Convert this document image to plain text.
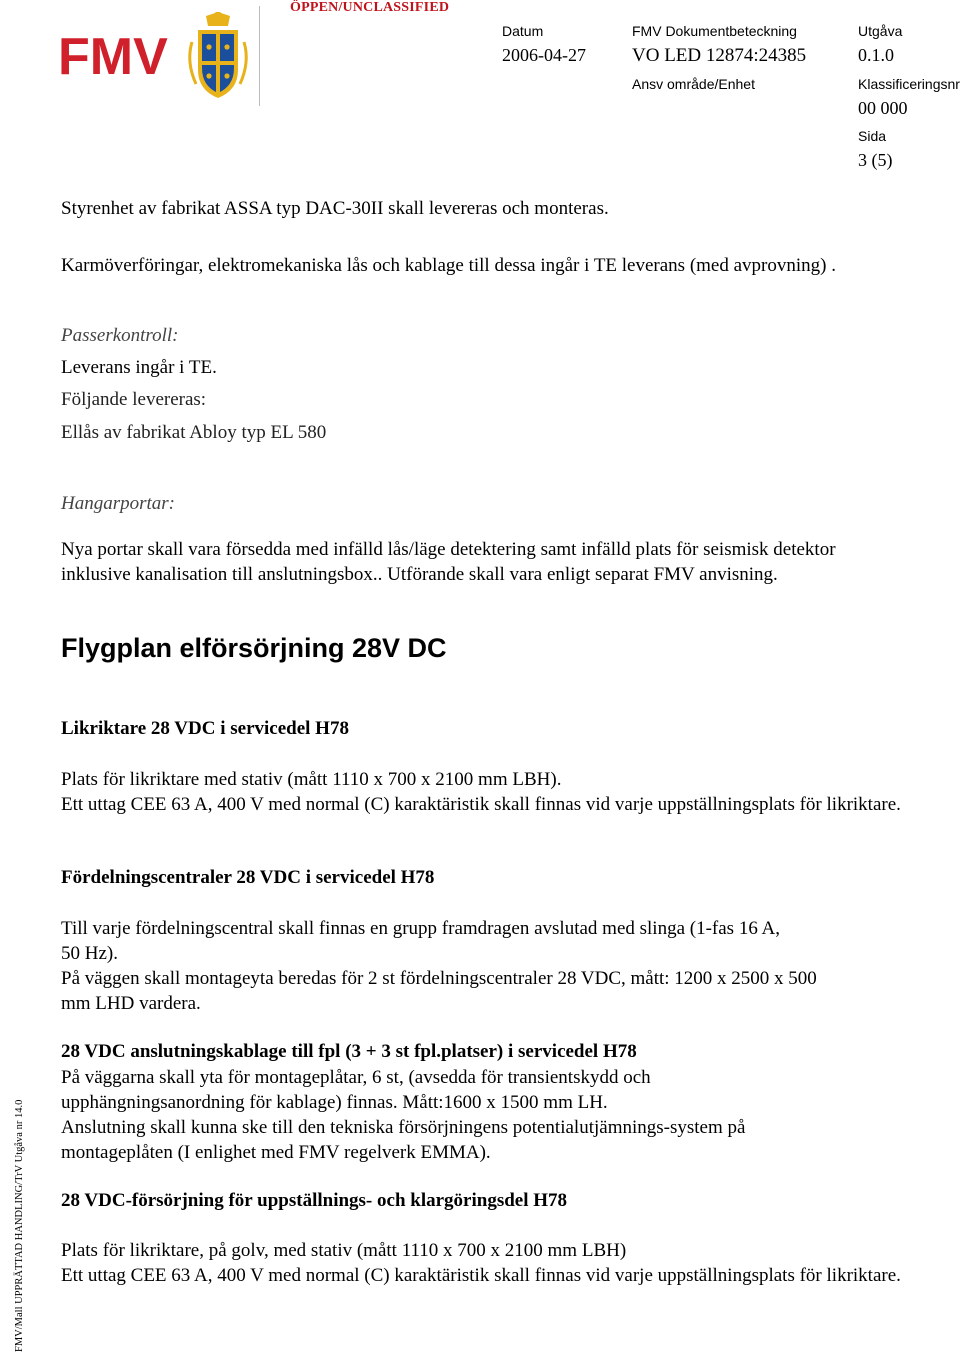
ÖPPEN/UNCLASSIFIED
FMV	Datum
2006-04-27
FMV Dokumentbeteckning
VO LED 12874:24385
Utgåva
0.1.0
Ansv område/Enhet	Klassificeringsnr
00 000
Sida
3 (5)
Styrenhet av fabrikat ASSA typ DAC-30II skall levereras och monteras.
Karmöverföringar, elektromekaniska lås och kablage till dessa ingår i TE leverans (med avprovning) .
Passerkontroll:
Leverans ingår i TE.
Följande levereras:
Ellås av fabrikat Abloy typ EL 580
Hangarportar:
Nya portar skall vara försedda med infälld lås/läge detektering samt infälld plats för seismisk detektor inklusive kanalisation till anslutningsbox.. Utförande skall vara enligt separat FMV anvisning.
Flygplan elförsörjning 28V DC
Likriktare 28 VDC i servicedel H78
Plats för likriktare med stativ (mått 1110 x 700 x 2100 mm LBH).
Ett uttag CEE 63 A, 400 V med normal (C) karaktäristik skall finnas vid varje uppställningsplats för likriktare.
Fördelningscentraler 28 VDC i servicedel H78
Till varje fördelningscentral skall finnas en grupp framdragen avslutad med slinga (1-fas 16 A, 50 Hz).
På väggen skall montageyta beredas för 2 st fördelningscentraler 28 VDC, mått: 1200 x 2500 x 500 mm LHD vardera.
28 VDC anslutningskablage till fpl (3 + 3 st fpl.platser) i servicedel H78
På väggarna skall yta för montageplåtar, 6 st, (avsedda för transientskydd och upphängningsanordning för kablage) finnas. Mått:1600 x 1500 mm LH.
Anslutning skall kunna ske till den tekniska försörjningens potentialutjämnings-system på montageplåten (I enlighet med FMV regelverk EMMA).
28 VDC-försörjning för uppställnings- och klargöringsdel H78
Plats för likriktare, på golv, med stativ (mått 1110 x 700 x 2100 mm LBH)
Ett uttag CEE 63 A, 400 V med normal (C) karaktäristik skall finnas vid varje uppställningsplats för likriktare.
FMV/Mall UPPRÄTTAD HANDLING/TrV Utgåva nr 14.0
